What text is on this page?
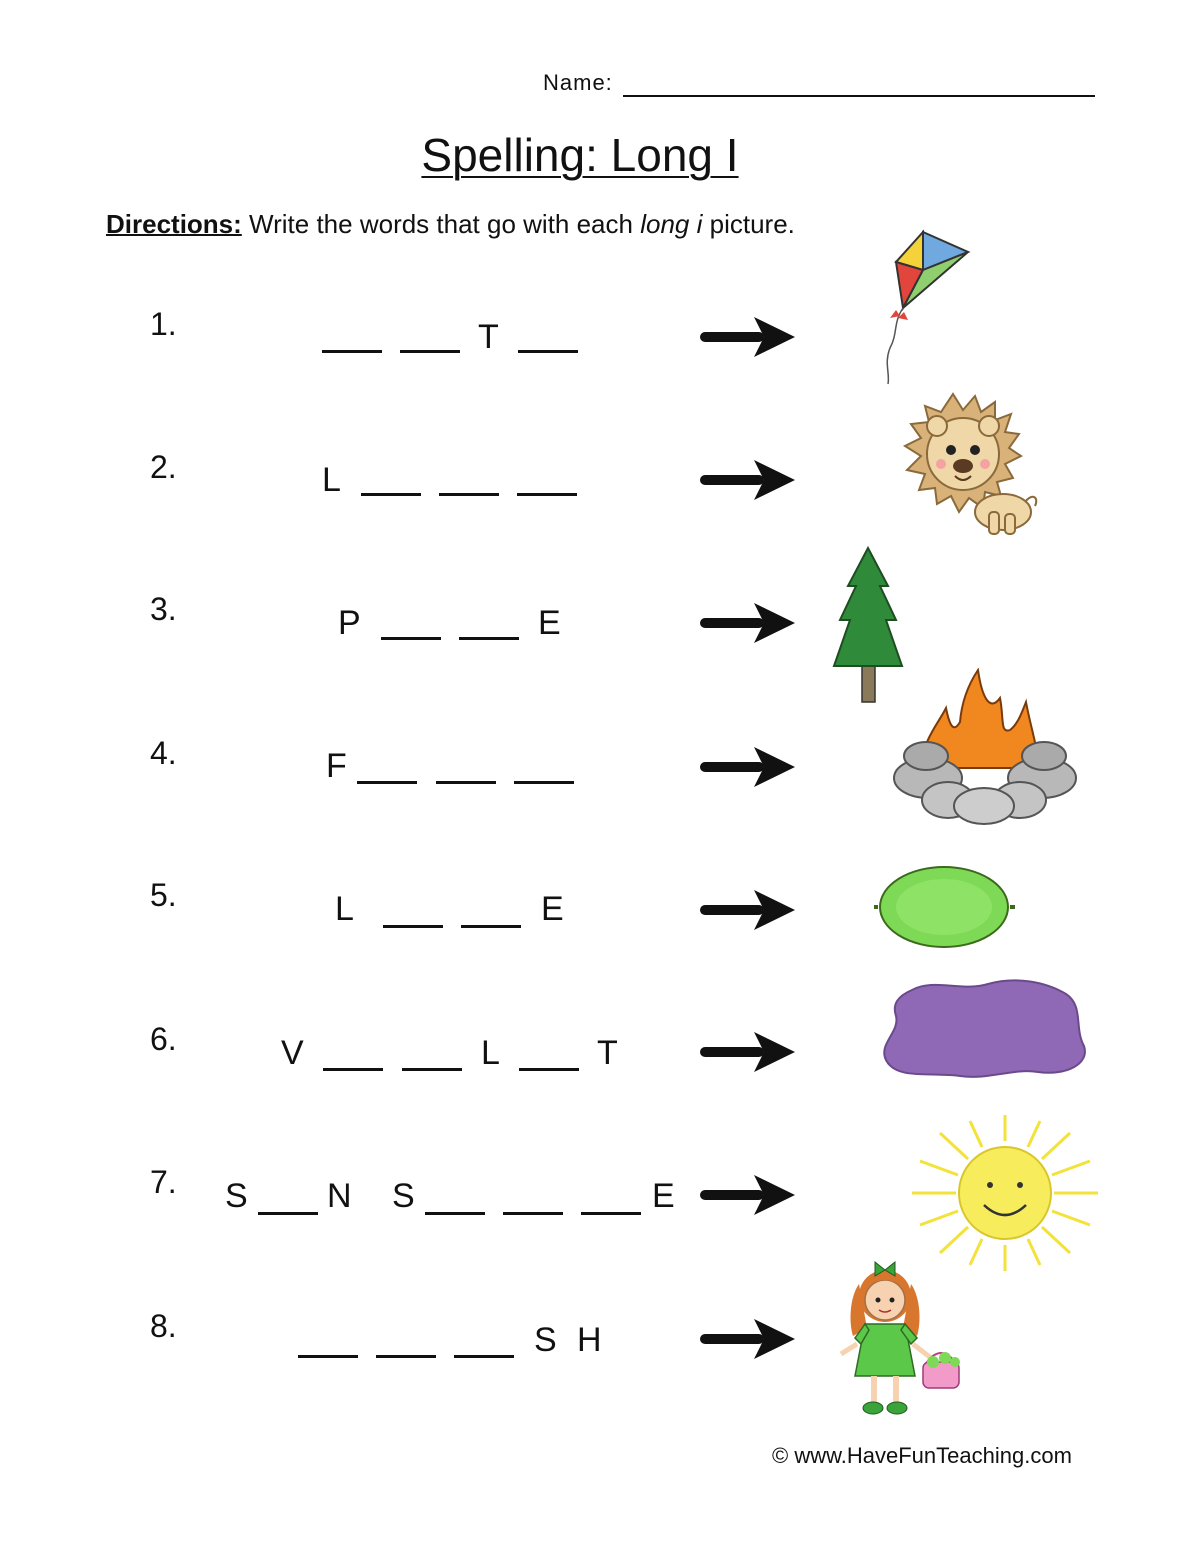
Name:
Spelling: Long I
Directions: Write the words that go with each long i picture.
1.	T
2.	L
3.	P	E
4.	F
5.	L	E
6.	V	L	T
7. S N S	E
8.	S H
© www.HaveFunTeaching.com
